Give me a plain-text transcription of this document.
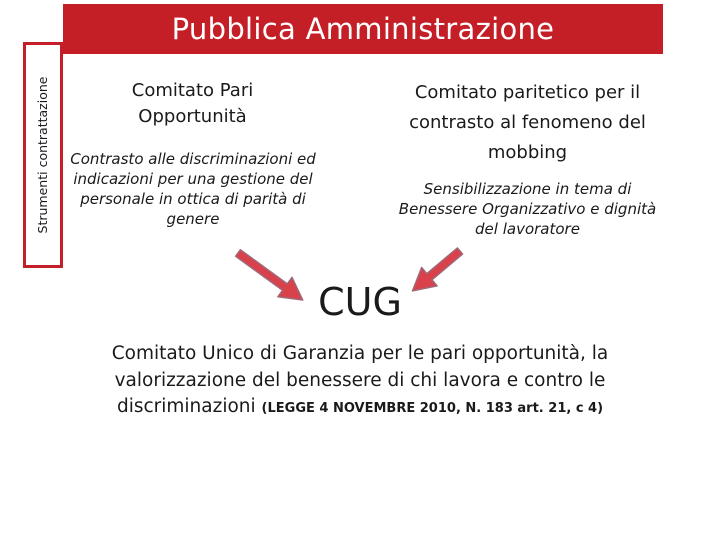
Pubblica Amministrazione
Strumenti contrattazione	Comitato Pari Opportunità
Comitato paritetico per il contrasto al fenomeno del mobbing
Contrasto alle discriminazioni ed indicazioni per una gestione del personale in ottica di parità di genere
Sensibilizzazione in tema di Benessere Organizzativo e dignità del lavoratore
CUG
Comitato Unico di Garanzia per le pari opportunità, la valorizzazione del benessere di chi lavora e contro le discriminazioni (LEGGE 4 NOVEMBRE 2010, N. 183 art. 21, c 4)
